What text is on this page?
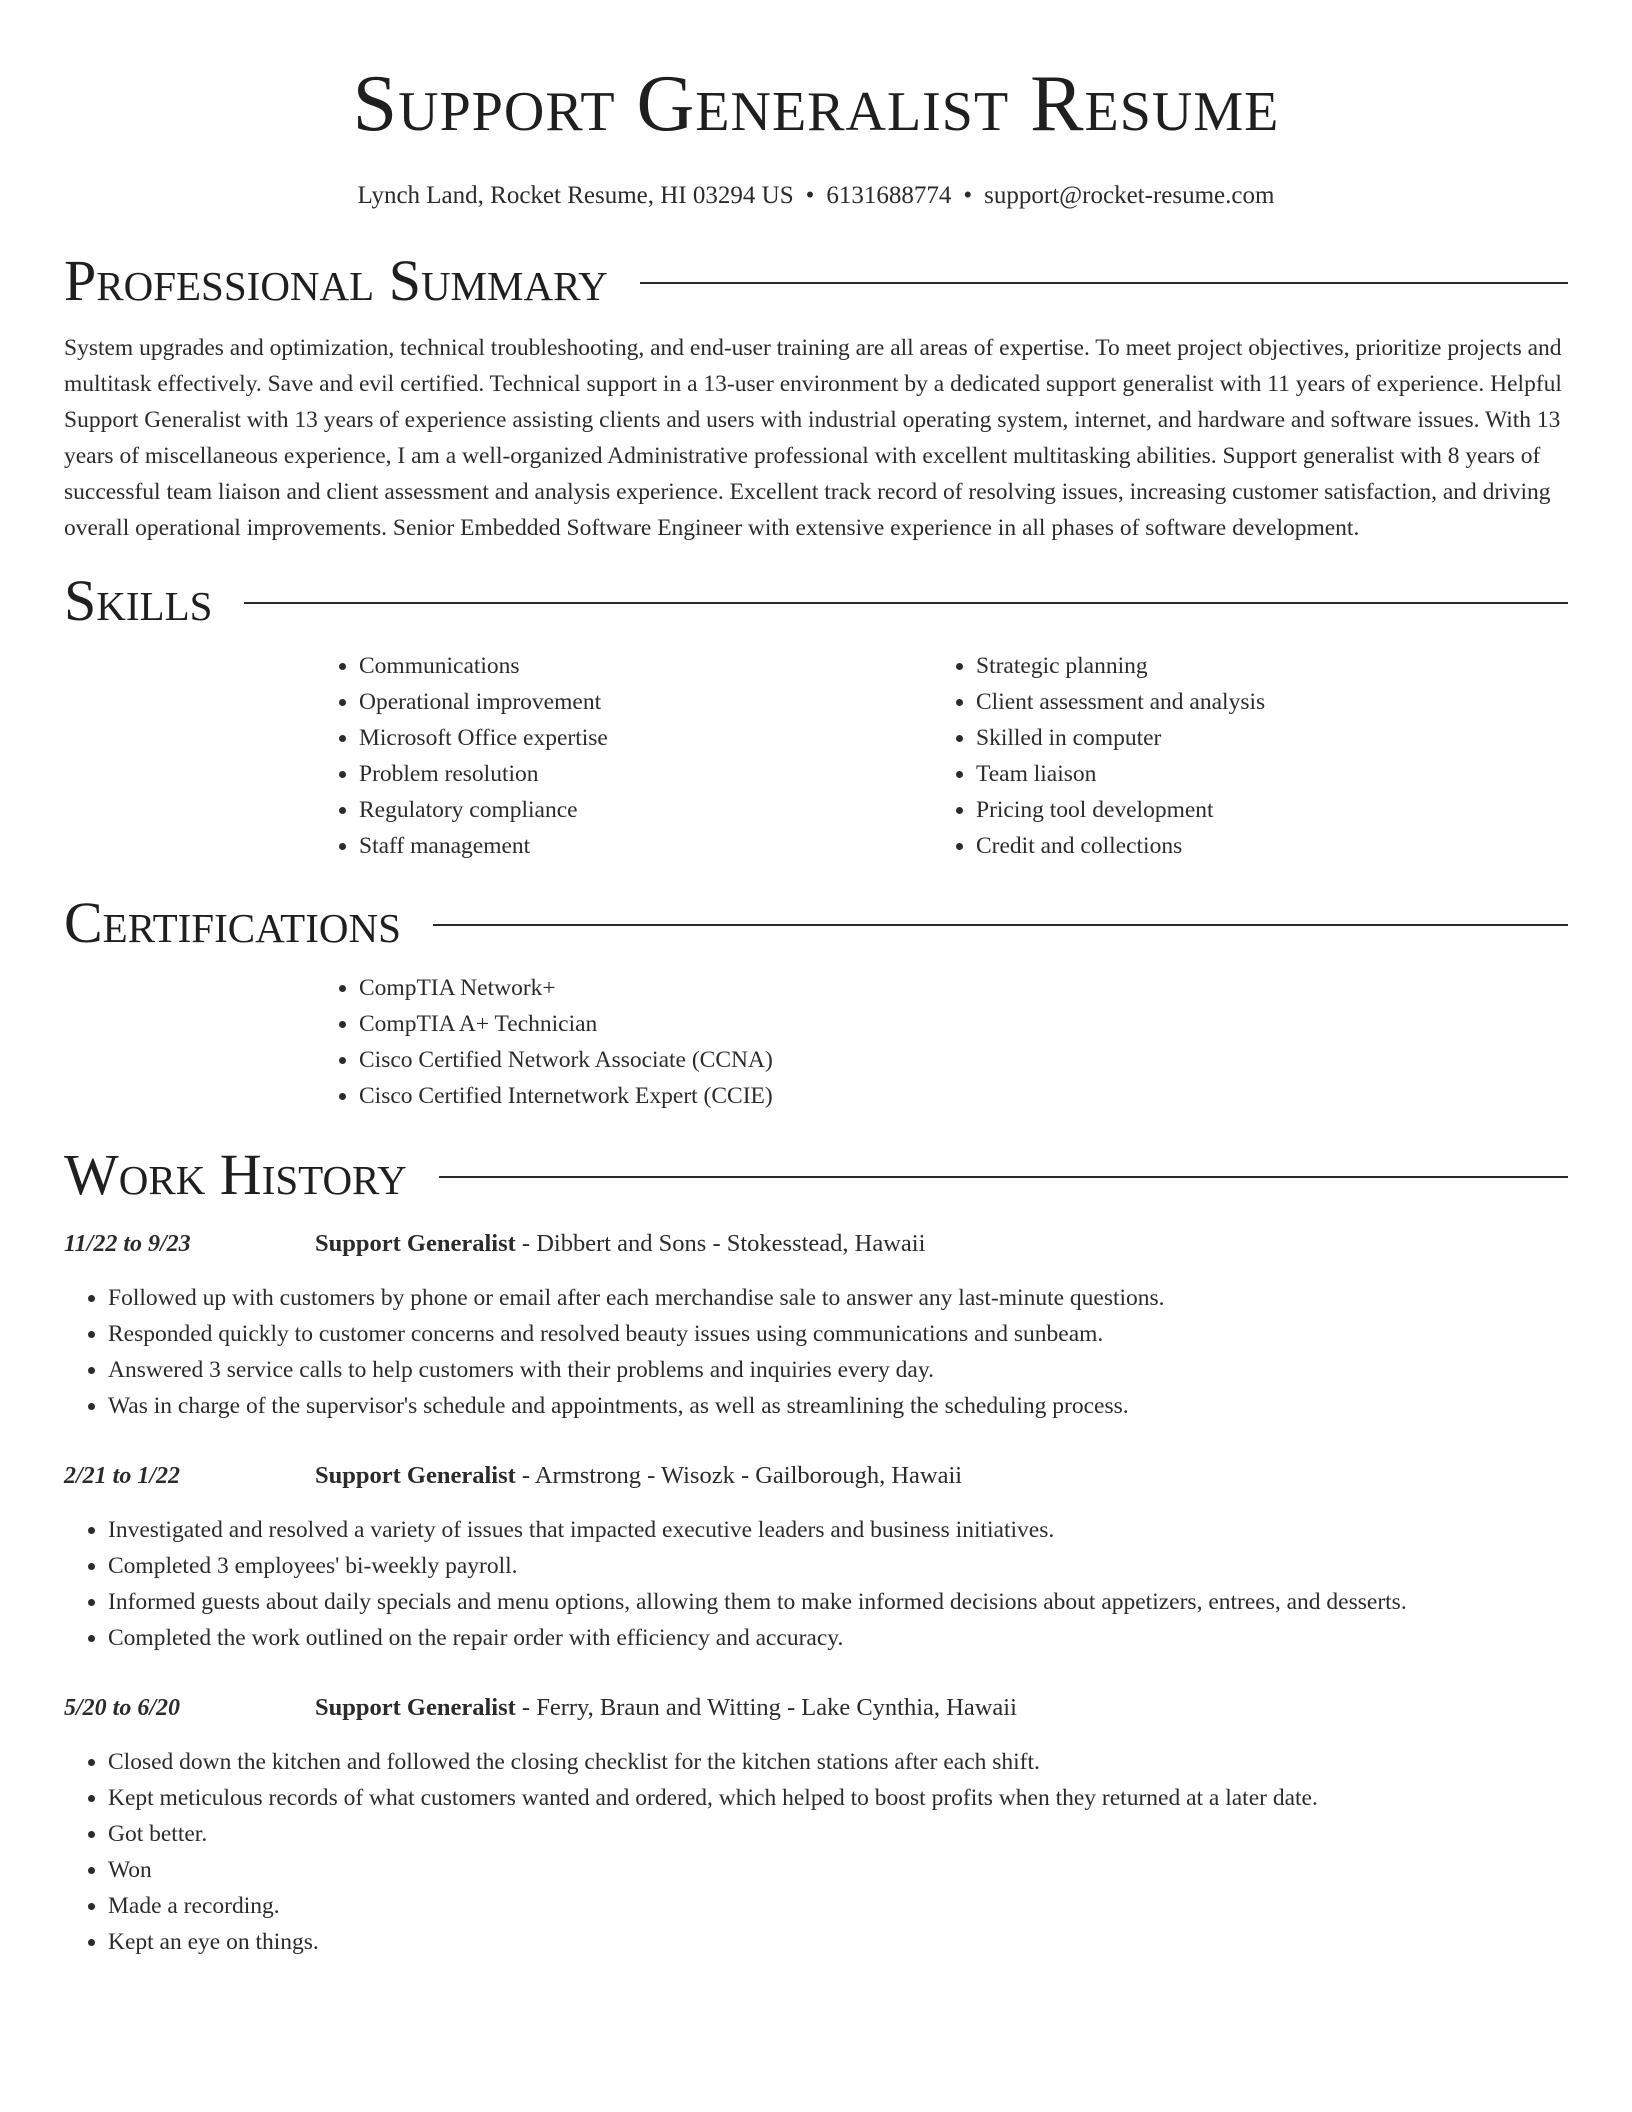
Support Generalist Resume
Lynch Land, Rocket Resume, HI 03294 US • 6131688774 • support@rocket-resume.com
Professional Summary

System upgrades and optimization, technical troubleshooting, and end-user training are all areas of expertise. To meet project objectives, prioritize projects and multitask effectively. Save and evil certified. Technical support in a 13-user environment by a dedicated support generalist with 11 years of experience. Helpful Support Generalist with 13 years of experience assisting clients and users with industrial operating system, internet, and hardware and software issues. With 13 years of miscellaneous experience, I am a well-organized Administrative professional with excellent multitasking abilities. Support generalist with 8 years of successful team liaison and client assessment and analysis experience. Excellent track record of resolving issues, increasing customer satisfaction, and driving overall operational improvements. Senior Embedded Software Engineer with extensive experience in all phases of software development.

Skills
• Communications
• Operational improvement
• Microsoft Office expertise
• Problem resolution
• Regulatory compliance
• Staff management
• Strategic planning
• Client assessment and analysis
• Skilled in computer
• Team liaison
• Pricing tool development
• Credit and collections
Certifications
• CompTIA Network+
• CompTIA A+ Technician
• Cisco Certified Network Associate (CCNA)
• Cisco Certified Internetwork Expert (CCIE)
Work History
11/22 to 9/23	Support Generalist - Dibbert and Sons - Stokesstead, Hawaii
• Followed up with customers by phone or email after each merchandise sale to answer any last-minute questions.
• Responded quickly to customer concerns and resolved beauty issues using communications and sunbeam.
• Answered 3 service calls to help customers with their problems and inquiries every day.
• Was in charge of the supervisor's schedule and appointments, as well as streamlining the scheduling process.
2/21 to 1/22	Support Generalist - Armstrong - Wisozk - Gailborough, Hawaii
• Investigated and resolved a variety of issues that impacted executive leaders and business initiatives.
• Completed 3 employees' bi-weekly payroll.
• Informed guests about daily specials and menu options, allowing them to make informed decisions about appetizers, entrees, and desserts.
• Completed the work outlined on the repair order with efficiency and accuracy.
5/20 to 6/20	Support Generalist - Ferry, Braun and Witting - Lake Cynthia, Hawaii
• Closed down the kitchen and followed the closing checklist for the kitchen stations after each shift.
• Kept meticulous records of what customers wanted and ordered, which helped to boost profits when they returned at a later date.
• Got better.
• Won
• Made a recording.
• Kept an eye on things.
